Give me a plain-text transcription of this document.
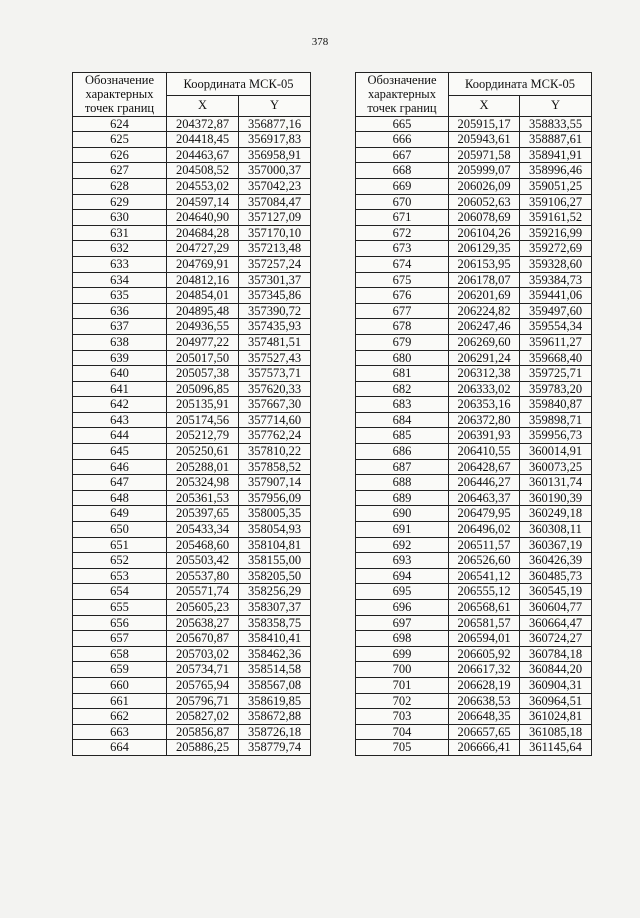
378
Обозначение характерных точек границ	Координата МСК-05	
	X	Y
624	204372,87	356877,16
625	204418,45	356917,83
626	204463,67	356958,91
627	204508,52	357000,37
628	204553,02	357042,23
629	204597,14	357084,47
630	204640,90	357127,09
631	204684,28	357170,10
632	204727,29	357213,48
633	204769,91	357257,24
634	204812,16	357301,37
635	204854,01	357345,86
636	204895,48	357390,72
637	204936,55	357435,93
638	204977,22	357481,51
639	205017,50	357527,43
640	205057,38	357573,71
641	205096,85	357620,33
642	205135,91	357667,30
643	205174,56	357714,60
644	205212,79	357762,24
645	205250,61	357810,22
646	205288,01	357858,52
647	205324,98	357907,14
648	205361,53	357956,09
649	205397,65	358005,35
650	205433,34	358054,93
651	205468,60	358104,81
652	205503,42	358155,00
653	205537,80	358205,50
654	205571,74	358256,29
655	205605,23	358307,37
656	205638,27	358358,75
657	205670,87	358410,41
658	205703,02	358462,36
659	205734,71	358514,58
660	205765,94	358567,08
661	205796,71	358619,85
662	205827,02	358672,88
663	205856,87	358726,18
664	205886,25	358779,74
Обозначение характерных точек границ	Координата МСК-05	
	X	Y
665	205915,17	358833,55
666	205943,61	358887,61
667	205971,58	358941,91
668	205999,07	358996,46
669	206026,09	359051,25
670	206052,63	359106,27
671	206078,69	359161,52
672	206104,26	359216,99
673	206129,35	359272,69
674	206153,95	359328,60
675	206178,07	359384,73
676	206201,69	359441,06
677	206224,82	359497,60
678	206247,46	359554,34
679	206269,60	359611,27
680	206291,24	359668,40
681	206312,38	359725,71
682	206333,02	359783,20
683	206353,16	359840,87
684	206372,80	359898,71
685	206391,93	359956,73
686	206410,55	360014,91
687	206428,67	360073,25
688	206446,27	360131,74
689	206463,37	360190,39
690	206479,95	360249,18
691	206496,02	360308,11
692	206511,57	360367,19
693	206526,60	360426,39
694	206541,12	360485,73
695	206555,12	360545,19
696	206568,61	360604,77
697	206581,57	360664,47
698	206594,01	360724,27
699	206605,92	360784,18
700	206617,32	360844,20
701	206628,19	360904,31
702	206638,53	360964,51
703	206648,35	361024,81
704	206657,65	361085,18
705	206666,41	361145,64
